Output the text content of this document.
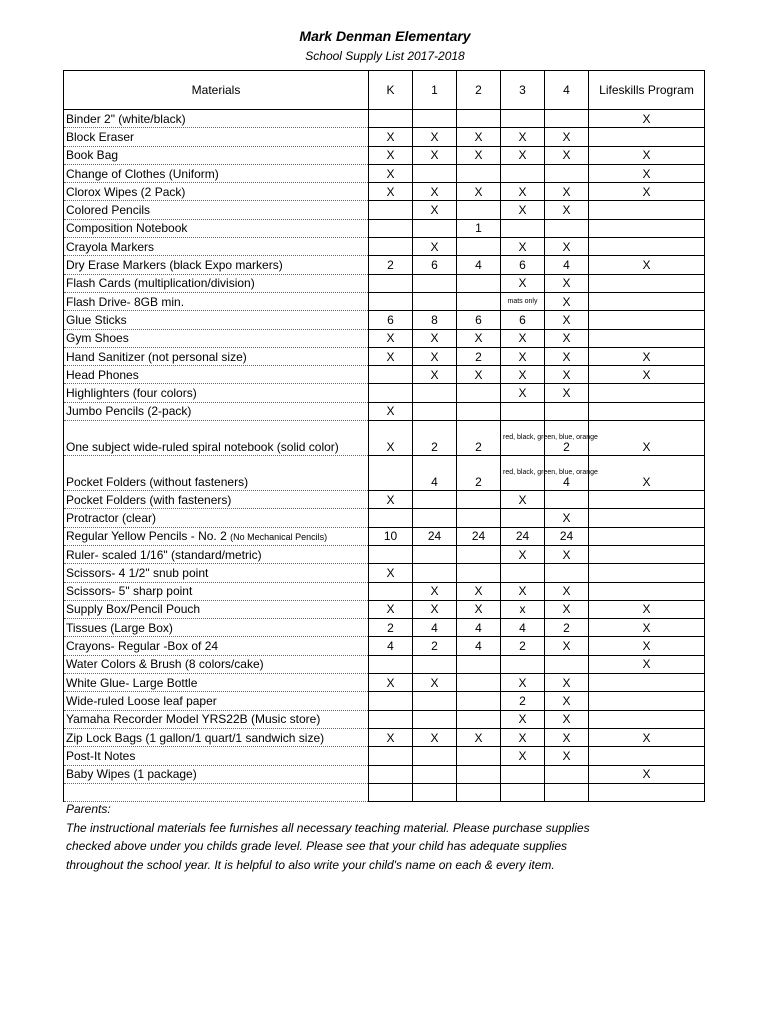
Mark Denman Elementary
School Supply List 2017-2018
Materials	K	1	2	3	4	Lifeskills Program
Binder 2" (white/black)						X
Block Eraser	X	X	X	X	X	
Book Bag	X	X	X	X	X	X
Change of Clothes (Uniform)	X					X
Clorox Wipes (2 Pack)	X	X	X	X	X	X
Colored Pencils		X		X	X	
Composition Notebook			1			
Crayola Markers		X		X	X	
Dry Erase Markers (black Expo markers)	2	6	4	6	4	X
Flash Cards (multiplication/division)				X	X	
Flash Drive- 8GB min.				mats only	X	
Glue Sticks	6	8	6	6	X	
Gym Shoes	X	X	X	X	X	
Hand Sanitizer (not personal size)	X	X	2	X	X	X
Head Phones		X	X	X	X	X
Highlighters (four colors)				X	X	
Jumbo Pencils (2-pack)	X					
One subject wide-ruled spiral notebook (solid color)	X	2	2	red, black, green, blue, orange	2	X
Pocket Folders (without fasteners)		4	2	red, black, green, blue, orange	4	X
Pocket Folders (with fasteners)	X			X		
Protractor (clear)					X	
Regular Yellow Pencils - No. 2 (No Mechanical Pencils)	10	24	24	24	24	
Ruler- scaled 1/16" (standard/metric)				X	X	
Scissors- 4 1/2" snub point	X					
Scissors- 5" sharp point		X	X	X	X	
Supply Box/Pencil Pouch	X	X	X	x	X	X
Tissues (Large Box)	2	4	4	4	2	X
Crayons- Regular -Box of 24	4	2	4	2	X	X
Water Colors & Brush (8 colors/cake)						X
White Glue- Large Bottle	X	X		X	X	
Wide-ruled Loose leaf paper				2	X	
Yamaha Recorder Model YRS22B (Music store)				X	X	
Zip Lock Bags (1 gallon/1 quart/1 sandwich size)	X	X	X	X	X	X
Post-It Notes				X	X	
Baby Wipes (1 package)						X

Parents:
The instructional materials fee furnishes all necessary teaching material. Please purchase supplies
checked above under you childs grade level. Please see that your child has adequate supplies
throughout the school year. It is helpful to also write your child's name on each & every item.
